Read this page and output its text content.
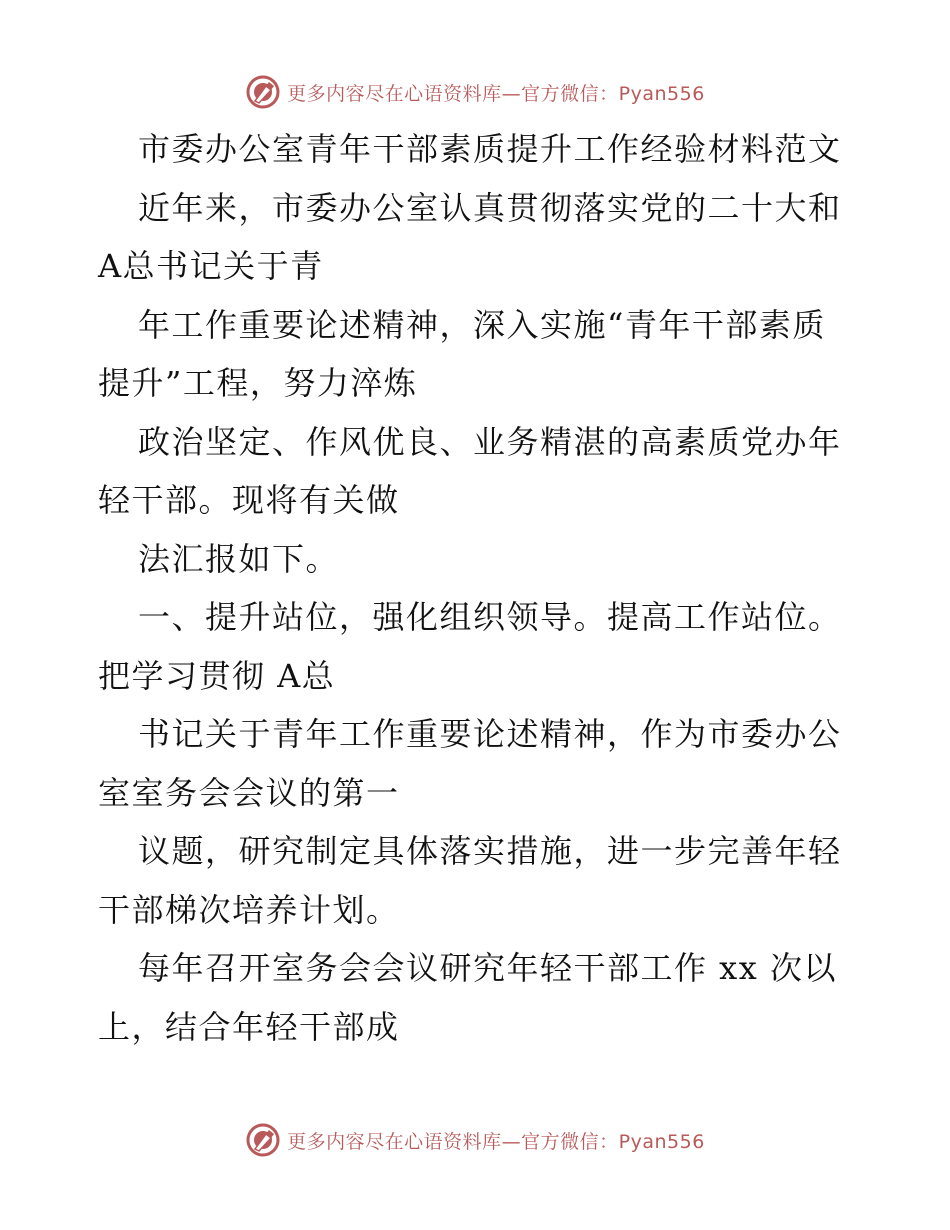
更多内容尽在心语资料库—官方微信：Pyan556
市委办公室青年干部素质提升工作经验材料范文
近年来，市委办公室认真贯彻落实党的二十大和
A总书记关于青
年工作重要论述精神，深入实施“青年干部素质
提升”工程，努力淬炼
政治坚定、作风优良、业务精湛的高素质党办年
轻干部。现将有关做
法汇报如下。
一、提升站位，强化组织领导。提高工作站位。
把学习贯彻 A总
书记关于青年工作重要论述精神，作为市委办公
室室务会会议的第一
议题，研究制定具体落实措施，进一步完善年轻
干部梯次培养计划。
每年召开室务会会议研究年轻干部工作 xx 次以
上，结合年轻干部成
更多内容尽在心语资料库—官方微信：Pyan556
